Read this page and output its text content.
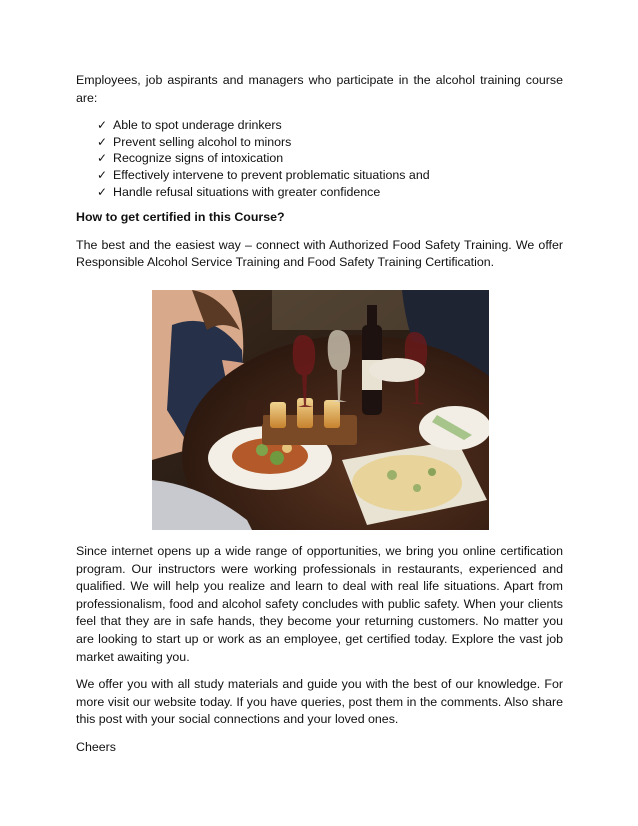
Employees, job aspirants and managers who participate in the alcohol training course are:

✓ Able to spot underage drinkers
✓ Prevent selling alcohol to minors
✓ Recognize signs of intoxication
✓ Effectively intervene to prevent problematic situations and
✓ Handle refusal situations with greater confidence

How to get certified in this Course?

The best and the easiest way – connect with Authorized Food Safety Training. We offer Responsible Alcohol Service Training and Food Safety Training Certification.

Since internet opens up a wide range of opportunities, we bring you online certification program. Our instructors were working professionals in restaurants, experienced and qualified. We will help you realize and learn to deal with real life situations. Apart from professionalism, food and alcohol safety concludes with public safety. When your clients feel that they are in safe hands, they become your returning customers. No matter you are looking to start up or work as an employee, get certified today. Explore the vast job market awaiting you.

We offer you with all study materials and guide you with the best of our knowledge. For more visit our website today. If you have queries, post them in the comments. Also share this post with your social connections and your loved ones.

Cheers
